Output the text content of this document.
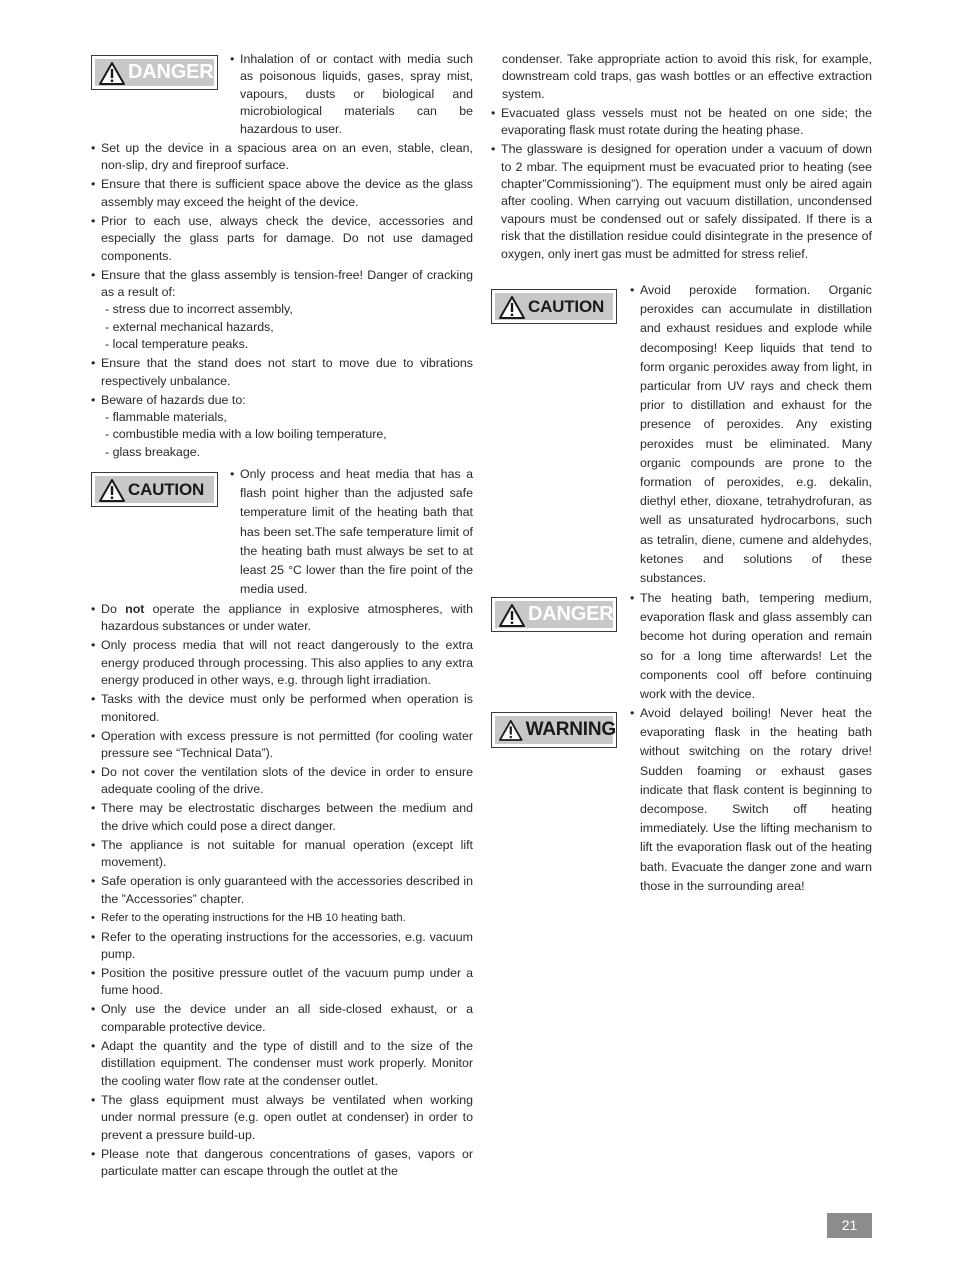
DANGER
• Inhalation of or contact with media such as poisonous liquids, gases, spray mist, vapours, dusts or biological and microbiological materials can be hazardous to user.
• Set up the device in a spacious area on an even, stable, clean, non-slip, dry and fireproof surface.
• Ensure that there is sufficient space above the device as the glass assembly may exceed the height of the device.
• Prior to each use, always check the device, accessories and especially the glass parts for damage. Do not use damaged components.
• Ensure that the glass assembly is tension-free! Danger of cracking as a result of:
- stress due to incorrect assembly,
- external mechanical hazards,
- local temperature peaks.
• Ensure that the stand does not start to move due to vibrations respectively unbalance.
• Beware of hazards due to:
- flammable materials,
- combustible media with a low boiling temperature,
- glass breakage.
CAUTION
• Only process and heat media that has a flash point higher than the adjusted safe temperature limit of the heating bath that has been set.The safe temperature limit of the heating bath must always be set to at least 25 °C lower than the fire point of the media used.
• Do not operate the appliance in explosive atmospheres, with hazardous substances or under water.
• Only process media that will not react dangerously to the extra energy produced through processing. This also applies to any extra energy produced in other ways, e.g. through light irradiation.
• Tasks with the device must only be performed when operation is monitored.
• Operation with excess pressure is not permitted (for cooling water pressure see “Technical Data”).
• Do not cover the ventilation slots of the device in order to ensure adequate cooling of the drive.
• There may be electrostatic discharges between the medium and the drive which could pose a direct danger.
• The appliance is not suitable for manual operation (except lift movement).
• Safe operation is only guaranteed with the accessories described in the ”Accessories” chapter.
• Refer to the operating instructions for the HB 10 heating bath.
• Refer to the operating instructions for the accessories, e.g. vacuum pump.
• Position the positive pressure outlet of the vacuum pump under a fume hood.
• Only use the device under an all side-closed exhaust, or a comparable protective device.
• Adapt the quantity and the type of distill and to the size of the distillation equipment. The condenser must work properly. Monitor the cooling water flow rate at the condenser outlet.
• The glass equipment must always be ventilated when working under normal pressure (e.g. open outlet at condenser) in order to prevent a pressure build-up.
• Please note that dangerous concentrations of gases, vapors or particulate matter can escape through the outlet at the
condenser. Take appropriate action to avoid this risk, for example, downstream cold traps, gas wash bottles or an effective extraction system.
• Evacuated glass vessels must not be heated on one side; the evaporating flask must rotate during the heating phase.
• The glassware is designed for operation under a vacuum of down to 2 mbar. The equipment must be evacuated prior to heating (see chapter”Commissioning”). The equipment must only be aired again after cooling. When carrying out vacuum distillation, uncondensed vapours must be condensed out or safely dissipated. If there is a risk that the distillation residue could disintegrate in the presence of oxygen, only inert gas must be admitted for stress relief.
CAUTION
• Avoid peroxide formation. Organic peroxides can accumulate in distillation and exhaust residues and explode while decomposing! Keep liquids that tend to form organic peroxides away from light, in particular from UV rays and check them prior to distillation and exhaust for the presence of peroxides. Any existing peroxides must be eliminated. Many organic compounds are prone to the formation of peroxides, e.g. dekalin, diethyl ether, dioxane, tetrahydrofuran, as well as unsaturated hydrocarbons, such as tetralin, diene, cumene and aldehydes, ketones and solutions of these substances.
DANGER
• The heating bath, tempering medium, evaporation flask and glass assembly can become hot during operation and remain so for a long time afterwards! Let the components cool off before continuing work with the device.
WARNING
• Avoid delayed boiling! Never heat the evaporating flask in the heating bath without switching on the rotary drive! Sudden foaming or exhaust gases indicate that flask content is beginning to decompose. Switch off heating immediately. Use the lifting mechanism to lift the evaporation flask out of the heating bath. Evacuate the danger zone and warn those in the surrounding area!
21
